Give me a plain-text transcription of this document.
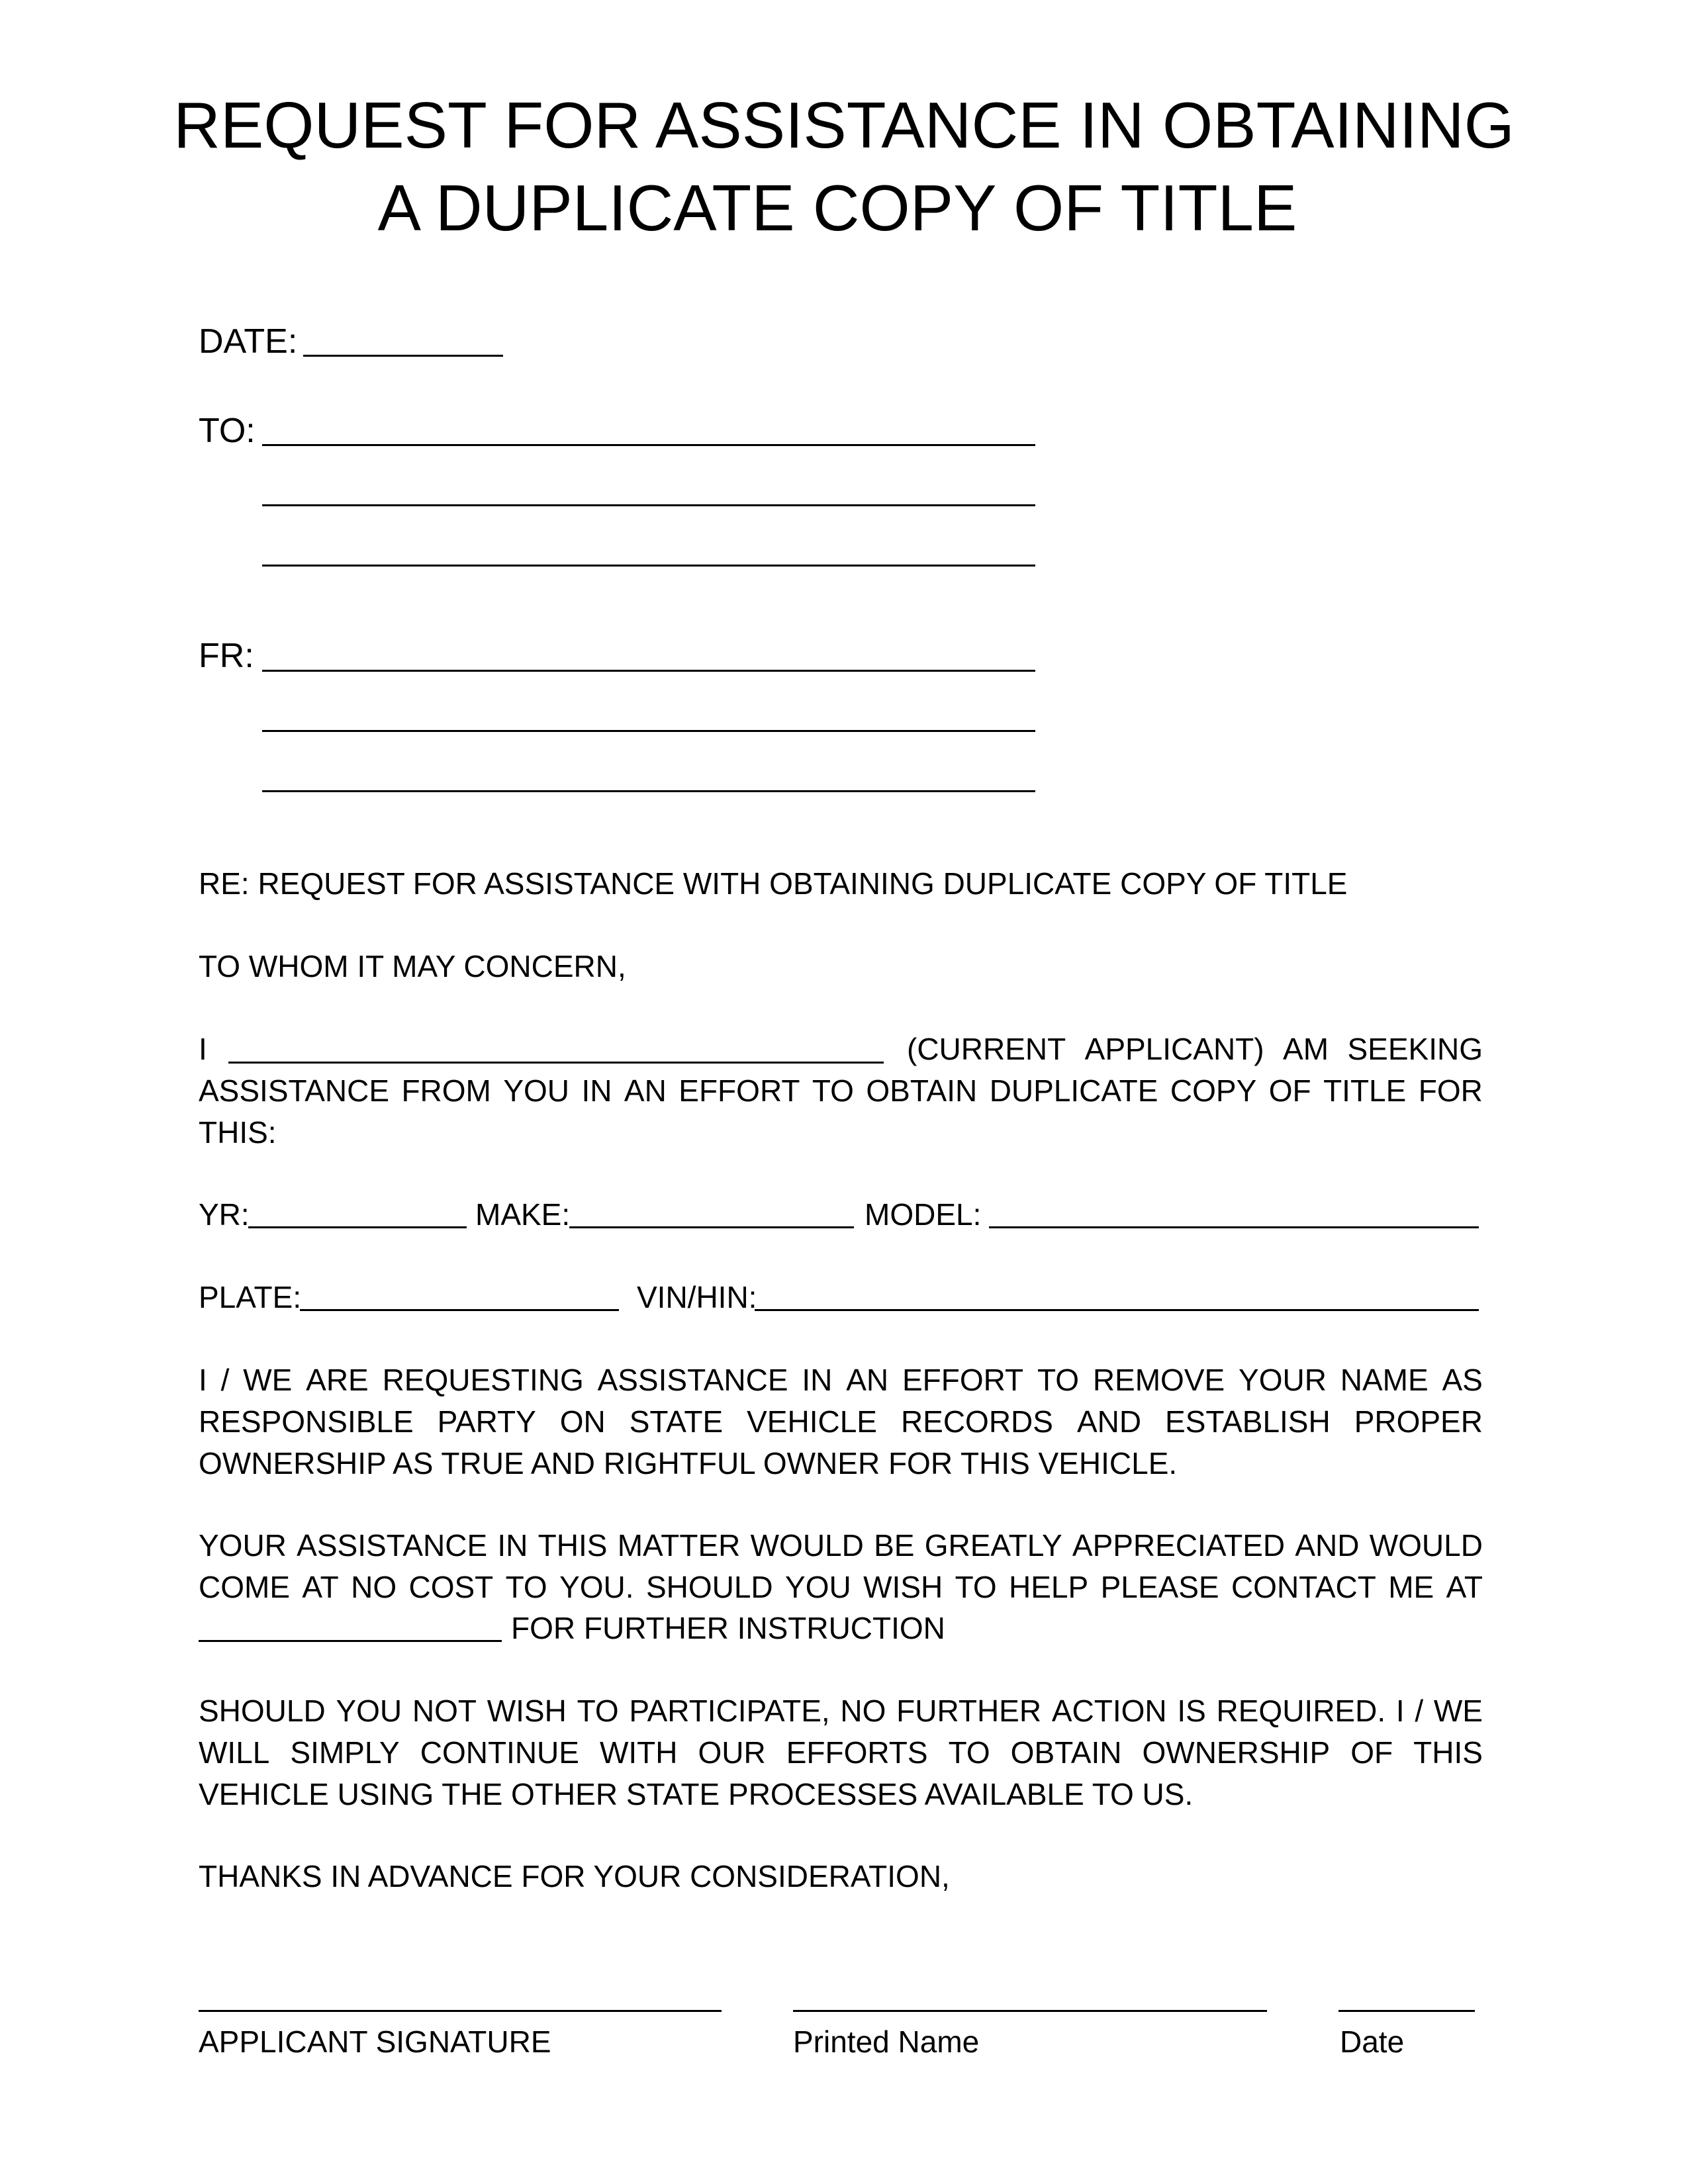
REQUEST FOR ASSISTANCE IN OBTAINING
A DUPLICATE COPY OF TITLE
DATE:
TO:
FR:
RE: REQUEST FOR ASSISTANCE WITH OBTAINING DUPLICATE COPY OF TITLE
TO WHOM IT MAY CONCERN,
I	(CURRENT APPLICANT) AM SEEKING
ASSISTANCE FROM YOU IN AN EFFORT TO OBTAIN DUPLICATE COPY OF TITLE FOR
THIS:
YR:	MAKE:	MODEL:
PLATE:	VIN/HIN:
I / WE ARE REQUESTING ASSISTANCE IN AN EFFORT TO REMOVE YOUR NAME AS
RESPONSIBLE PARTY ON STATE VEHICLE RECORDS AND ESTABLISH PROPER
OWNERSHIP AS TRUE AND RIGHTFUL OWNER FOR THIS VEHICLE.
YOUR ASSISTANCE IN THIS MATTER WOULD BE GREATLY APPRECIATED AND WOULD
COME AT NO COST TO YOU. SHOULD YOU WISH TO HELP PLEASE CONTACT ME AT
FOR FURTHER INSTRUCTION
SHOULD YOU NOT WISH TO PARTICIPATE, NO FURTHER ACTION IS REQUIRED. I / WE
WILL SIMPLY CONTINUE WITH OUR EFFORTS TO OBTAIN OWNERSHIP OF THIS
VEHICLE USING THE OTHER STATE PROCESSES AVAILABLE TO US.
THANKS IN ADVANCE FOR YOUR CONSIDERATION,
APPLICANT SIGNATURE	Printed Name	Date
